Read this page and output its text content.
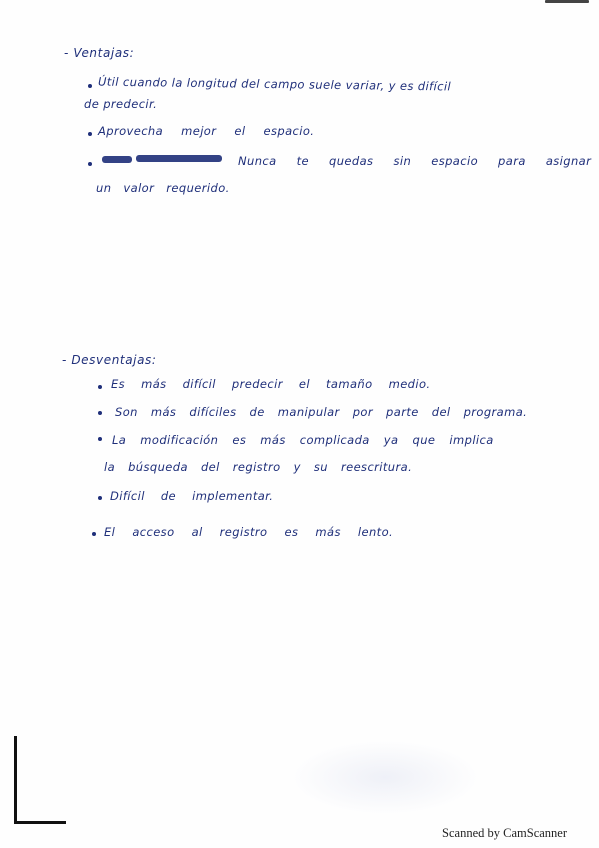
- Ventajas:
Útil cuando la longitud del campo suele variar, y es difícil
de predecir.
Aprovecha mejor el espacio.
Nunca te quedas sin espacio para asignar
un valor requerido.
- Desventajas:
Es más difícil predecir el tamaño medio.
Son más difíciles de manipular por parte del programa.
La modificación es más complicada ya que implica
la búsqueda del registro y su reescritura.
Difícil de implementar.
El acceso al registro es más lento.
Scanned by CamScanner
